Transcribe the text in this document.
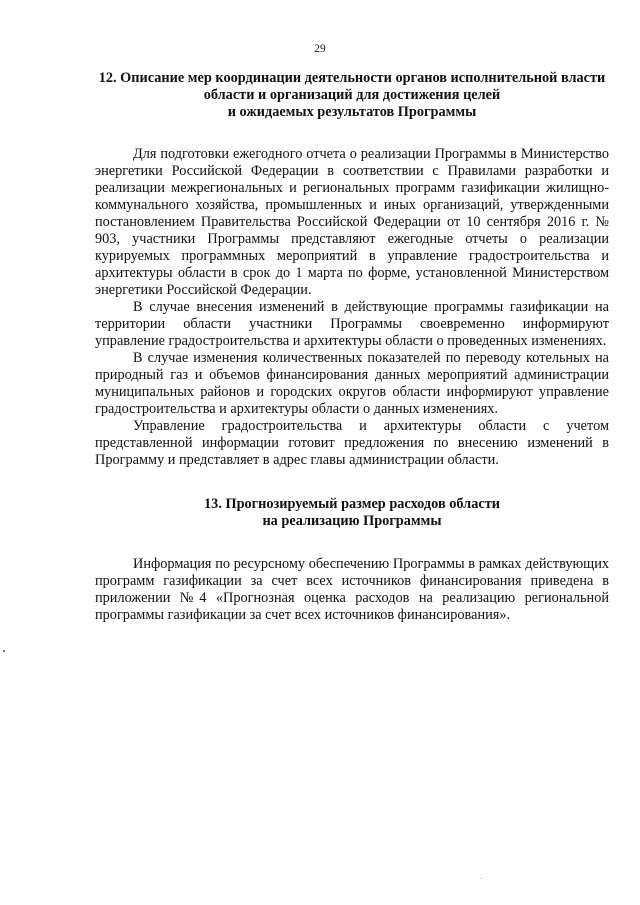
29
12. Описание мер координации деятельности органов исполнительной власти
области и организаций для достижения целей
и ожидаемых результатов Программы

Для подготовки ежегодного отчета о реализации Программы в Министерство энергетики Российской Федерации в соответствии с Правилами разработки и реализации межрегиональных и региональных программ газификации жилищно-коммунального хозяйства, промышленных и иных организаций, утвержденными постановлением Правительства Российской Федерации от 10 сентября 2016 г. № 903, участники Программы представляют ежегодные отчеты о реализации курируемых программных мероприятий в управление градостроительства и архитектуры области в срок до 1 марта по форме, установленной Министерством энергетики Российской Федерации.

В случае внесения изменений в действующие программы газификации на территории области участники Программы своевременно информируют управление градостроительства и архитектуры области о проведенных изменениях.

В случае изменения количественных показателей по переводу котельных на природный газ и объемов финансирования данных мероприятий администрации муниципальных районов и городских округов области информируют управление градостроительства и архитектуры области о данных изменениях.

Управление градостроительства и архитектуры области с учетом представленной информации готовит предложения по внесению изменений в Программу и представляет в адрес главы администрации области.

13. Прогнозируемый размер расходов области
на реализацию Программы

Информация по ресурсному обеспечению Программы в рамках действующих программ газификации за счет всех источников финансирования приведена в приложении №4 «Прогнозная оценка расходов на реализацию региональной программы газификации за счет всех источников финансирования».
